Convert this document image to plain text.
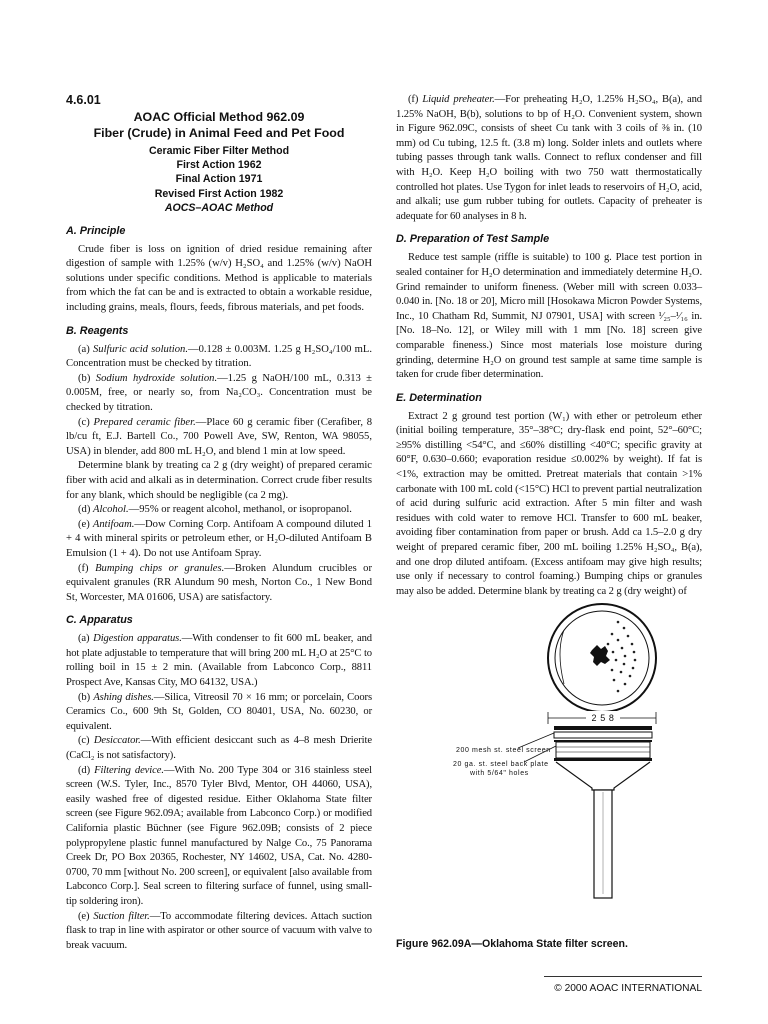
4.6.01
AOAC Official Method 962.09
Fiber (Crude) in Animal Feed and Pet Food
Ceramic Fiber Filter Method
First Action 1962
Final Action 1971
Revised First Action 1982
AOCS–AOAC Method
A. Principle

Crude fiber is loss on ignition of dried residue remaining after digestion of sample with 1.25% (w/v) H₂SO₄ and 1.25% (w/v) NaOH solutions under specific conditions. Method is applicable to materials from which the fat can be and is extracted to obtain a workable residue, including grains, meals, flours, feeds, fibrous materials, and pet foods.

B. Reagents

(a) Sulfuric acid solution.—0.128 ± 0.003M. 1.25 g H₂SO₄/100 mL. Concentration must be checked by titration.

(b) Sodium hydroxide solution.—1.25 g NaOH/100 mL, 0.313 ± 0.005M, free, or nearly so, from Na₂CO₃. Concentration must be checked by titration.

(c) Prepared ceramic fiber.—Place 60 g ceramic fiber (Cerafiber, 8 lb/cu ft, E.J. Bartell Co., 700 Powell Ave, SW, Renton, WA 98055, USA) in blender, add 800 mL H₂O, and blend 1 min at low speed.

Determine blank by treating ca 2 g (dry weight) of prepared ceramic fiber with acid and alkali as in determination. Correct crude fiber results for any blank, which should be negligible (ca 2 mg).

(d) Alcohol.—95% or reagent alcohol, methanol, or isopropanol.

(e) Antifoam.—Dow Corning Corp. Antifoam A compound diluted 1 + 4 with mineral spirits or petroleum ether, or H₂O-diluted Antifoam B Emulsion (1 + 4). Do not use Antifoam Spray.

(f) Bumping chips or granules.—Broken Alundum crucibles or equivalent granules (RR Alundum 90 mesh, Norton Co., 1 New Bond St, Worcester, MA 01606, USA) are satisfactory.

C. Apparatus

(a) Digestion apparatus.—With condenser to fit 600 mL beaker, and hot plate adjustable to temperature that will bring 200 mL H₂O at 25°C to rolling boil in 15 ± 2 min. (Available from Labconco Corp., 8811 Prospect Ave, Kansas City, MO 64132, USA.)

(b) Ashing dishes.—Silica, Vitreosil 70 × 16 mm; or porcelain, Coors Ceramics Co., 600 9th St, Golden, CO 80401, USA, No. 60230, or equivalent.

(c) Desiccator.—With efficient desiccant such as 4–8 mesh Drierite (CaCl₂ is not satisfactory).

(d) Filtering device.—With No. 200 Type 304 or 316 stainless steel screen (W.S. Tyler, Inc., 8570 Tyler Blvd, Mentor, OH 44060, USA), easily washed free of digested residue. Either Oklahoma State filter screen (see Figure 962.09A; available from Labconco Corp.) or modified California plastic Büchner (see Figure 962.09B; consists of 2 piece polypropylene plastic funnel manufactured by Nalge Co., 75 Panorama Creek Dr, PO Box 20365, Rochester, NY 14602, USA, Cat. No. 4280-0700, 70 mm [without No. 200 screen], or equivalent [also available from Labconco Corp.]. Seal screen to filtering surface of funnel, using small-tip soldering iron).

(e) Suction filter.—To accommodate filtering devices. Attach suction flask to trap in line with aspirator or other source of vacuum with valve to break vacuum.

(f) Liquid preheater.—For preheating H₂O, 1.25% H₂SO₄, B(a), and 1.25% NaOH, B(b), solutions to bp of H₂O. Convenient system, shown in Figure 962.09C, consists of sheet Cu tank with 3 coils of ⅜ in. (10 mm) od Cu tubing, 12.5 ft. (3.8 m) long. Solder inlets and outlets where tubing passes through tank walls. Connect to reflux condenser and fill with H₂O. Keep H₂O boiling with two 750 watt thermostatically controlled hot plates. Use Tygon for inlet leads to reservoirs of H₂O, acid, and alkali; use gum rubber tubing for outlets. Capacity of preheater is adequate for 60 analyses in 8 h.

D. Preparation of Test Sample

Reduce test sample (riffle is suitable) to 100 g. Place test portion in sealed container for H₂O determination and immediately determine H₂O. Grind remainder to uniform fineness. (Weber mill with screen 0.033–0.040 in. [No. 18 or 20], Micro mill [Hosokawa Micron Powder Systems, Inc., 10 Chatham Rd, Summit, NJ 07901, USA] with screen ¹⁄₂₅–¹⁄₁₆ in. [No. 18–No. 12], or Wiley mill with 1 mm [No. 18] screen give comparable fineness.) Since most materials lose moisture during grinding, determine H₂O on ground test sample at same time sample is taken for crude fiber determination.

E. Determination

Extract 2 g ground test portion (W₁) with ether or petroleum ether (initial boiling temperature, 35°–38°C; dry-flask end point, 52°–60°C; ≥95% distilling <54°C, and ≤60% distilling <40°C; specific gravity at 60°F, 0.630–0.660; evaporation residue ≤0.002% by weight). If fat is <1%, extraction may be omitted. Pretreat materials that contain >1% carbonate with 100 mL cold (<15°C) HCl to prevent partial neutralization of acid during sulfuric acid extraction. After 5 min filter and wash residues with cold water to remove HCl. Transfer to 600 mL beaker, avoiding fiber contamination from paper or brush. Add ca 1.5–2.0 g dry weight of prepared ceramic fiber, 200 mL boiling 1.25% H₂SO₄, B(a), and one drop diluted antifoam. (Excess antifoam may give high results; use only if necessary to control foaming.) Bumping chips or granules may also be added. Determine blank by treating ca 2 g (dry weight) of

2 5 8
200 mesh st. steel screen
20 ga. st. steel back plate
with 5/64" holes
Figure 962.09A—Oklahoma State filter screen.
© 2000 AOAC INTERNATIONAL
